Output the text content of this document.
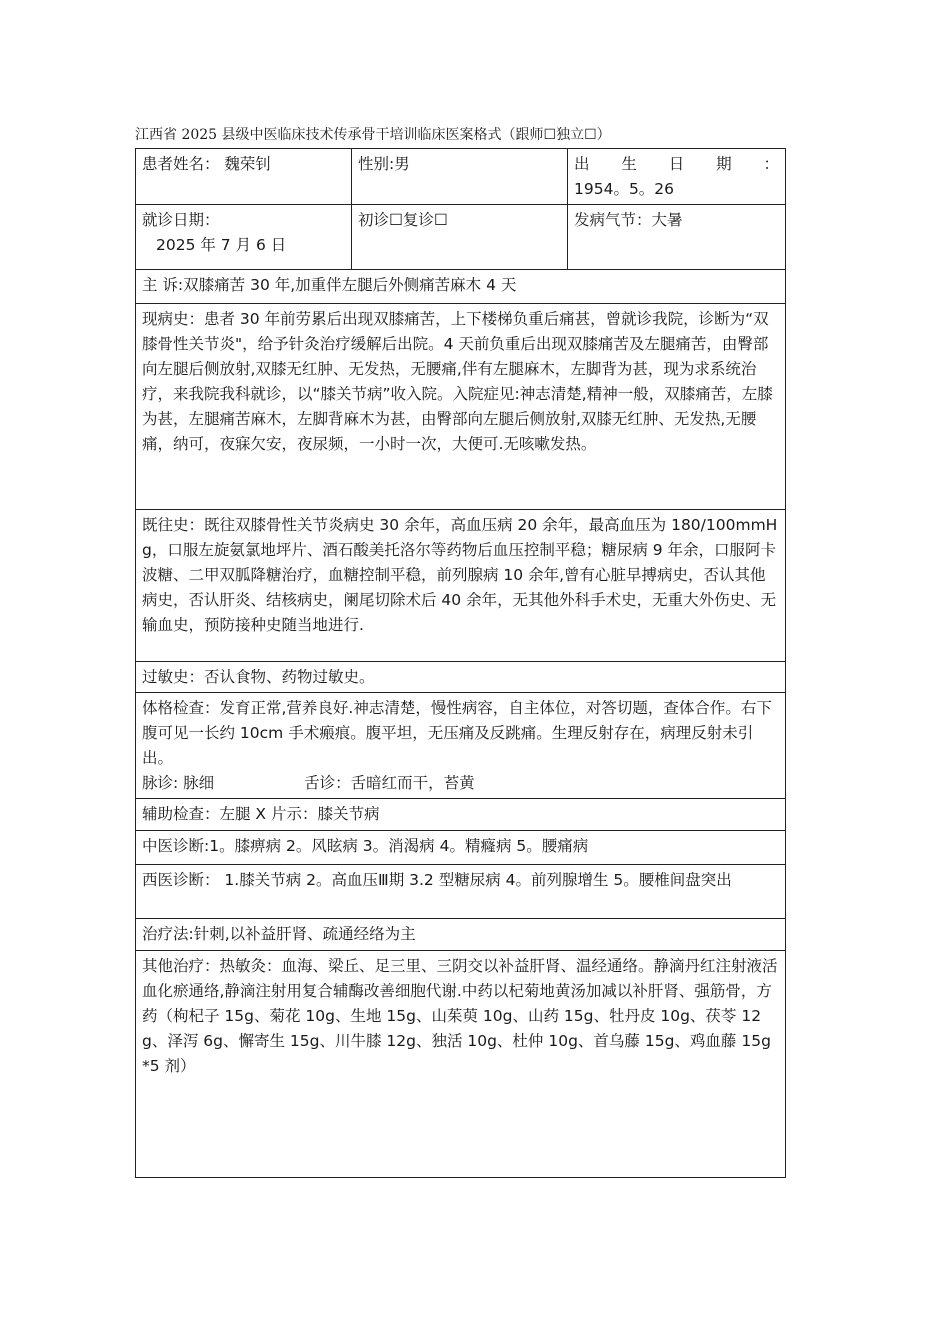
江西省 2025 县级中医临床技术传承骨干培训临床医案格式（跟师☐独立☐）
患者姓名： 魏荣钊	性别:男	出 生 日 期 ：
1954。5。26
就诊日期：
2025 年 7 月 6 日	初诊☐复诊☐	发病气节：大暑
主 诉:双膝痛苦 30 年,加重伴左腿后外侧痛苦麻木 4 天		
现病史：患者 30 年前劳累后出现双膝痛苦，上下楼梯负重后痛甚，曾就诊我院，诊断为“双膝骨性关节炎"，给予针灸治疗缓解后出院。4 天前负重后出现双膝痛苦及左腿痛苦，由臀部向左腿后侧放射,双膝无红肿、无发热，无腰痛,伴有左腿麻木，左脚背为甚，现为求系统治疗，来我院我科就诊，以“膝关节病”收入院。入院症见:神志清楚,精神一般，双膝痛苦，左膝为甚，左腿痛苦麻木，左脚背麻木为甚，由臀部向左腿后侧放射,双膝无红肿、无发热,无腰痛，纳可，夜寐欠安，夜尿频，一小时一次，大便可.无咳嗽发热。		
既往史：既往双膝骨性关节炎病史 30 余年，高血压病 20 余年，最高血压为 180/100mmHg，口服左旋氨氯地坪片、酒石酸美托洛尔等药物后血压控制平稳；糖尿病 9 年余，口服阿卡波糖、二甲双胍降糖治疗，血糖控制平稳，前列腺病 10 余年,曾有心脏早搏病史，否认其他病史，否认肝炎、结核病史，阑尾切除术后 40 余年，无其他外科手术史，无重大外伤史、无输血史，预防接种史随当地进行.		
过敏史：否认食物、药物过敏史。		

体格检查：发育正常,营养良好.神志清楚，慢性病容，自主体位，对答切题，查体合作。右下腹可见一长约 10cm 手术瘢痕。腹平坦，无压痛及反跳痛。生理反射存在，病理反射未引出。
脉诊: 脉细 舌诊：舌暗红而干，苔黄		

辅助检查：左腿 X 片示：膝关节病		
中医诊断:1。膝痹病 2。风眩病 3。消渴病 4。精癃病 5。腰痛病		
西医诊断： 1.膝关节病 2。高血压Ⅲ期 3.2 型糖尿病 4。前列腺增生 5。腰椎间盘突出		
治疗法:针刺,以补益肝肾、疏通经络为主		
其他治疗：热敏灸：血海、梁丘、足三里、三阴交以补益肝肾、温经通络。静滴丹红注射液活血化瘀通络,静滴注射用复合辅酶改善细胞代谢.中药以杞菊地黄汤加减以补肝肾、强筋骨，方药（枸杞子 15g、菊花 10g、生地 15g、山茱萸 10g、山药 15g、牡丹皮 10g、茯苓 12g、泽泻 6g、懈寄生 15g、川牛膝 12g、独活 10g、杜仲 10g、首乌藤 15g、鸡血藤 15g *5 剂）		
